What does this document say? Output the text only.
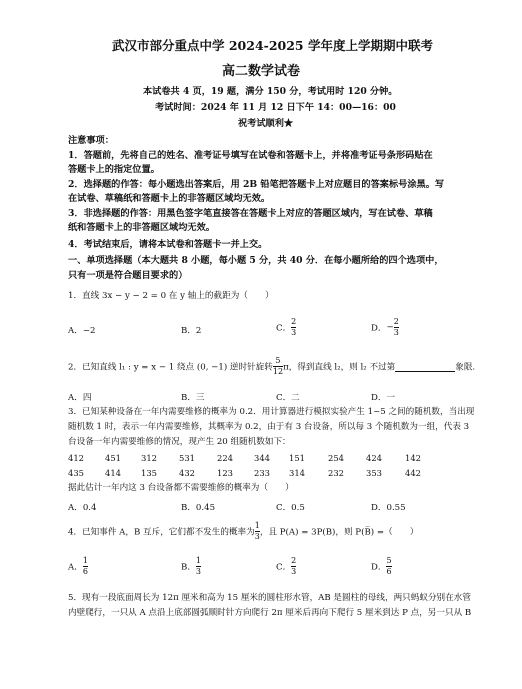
武汉市部分重点中学 2024-2025 学年度上学期期中联考
高二数学试卷
本试卷共 4 页，19 题，满分 150 分，考试用时 120 分钟。
考试时间：2024 年 11 月 12 日下午 14：00—16：00
祝考试顺利★
注意事项：
1．答题前，先将自己的姓名、准考证号填写在试卷和答题卡上，并将准考证号条形码贴在
答题卡上的指定位置。
2．选择题的作答：每小题选出答案后，用 2B 铅笔把答题卡上对应题目的答案标号涂黑。写
在试卷、草稿纸和答题卡上的非答题区域均无效。
3．非选择题的作答：用黑色签字笔直接答在答题卡上对应的答题区域内，写在试卷、草稿
纸和答题卡上的非答题区域均无效。
4．考试结束后，请将本试卷和答题卡一并上交。
一、单项选择题（本大题共 8 小题，每小题 5 分，共 40 分．在每小题所给的四个选项中，
只有一项是符合题目要求的）
1．直线 3x − y − 2 = 0 在 y 轴上的截距为（　　）
A．−2	B．2	C． $\frac{2}{3}$	D．− $\frac{2}{3}$
2．已知直线 l₁ : y = x − 1 绕点 (0, −1) 逆时针旋转 $\frac{5}{12}$ π，得到直线 l₂，则 l₂ 不过第	象限.
A．四	B．三	C．二	D．一
3．已知某种设备在一年内需要维修的概率为 0.2．用计算器进行模拟实验产生 1~5 之间的随机数，当出现
随机数 1 时，表示一年内需要维修，其概率为 0.2，由于有 3 台设备，所以每 3 个随机数为一组，代表 3
台设备一年内需要维修的情况，现产生 20 组随机数如下：
412	451 312	531	224	344 151	254	424	142
435	414 135	432	123	233 314	232	353	442
据此估计一年内这 3 台设备都不需要维修的概率为（　　）
A．0.4	B．0.45	C．0.5	D．0.55
4．已知事件 A，B 互斥，它们都不发生的概率为 $\frac{1}{3}$ ，且 P(A) = 3P(B)，则 P(B̅) =（　　）
A． $\frac{1}{6}$	B． $\frac{1}{3}$	C． $\frac{2}{3}$	D． $\frac{5}{6}$
5．现有一段底面周长为 12π 厘米和高为 15 厘米的圆柱形水管，AB 是圆柱的母线，两只蚂蚁分别在水管
内壁爬行，一只从 A 点沿上底部圆弧顺时针方向爬行 2π 厘米后再向下爬行 5 厘米到达 P 点，另一只从 B
